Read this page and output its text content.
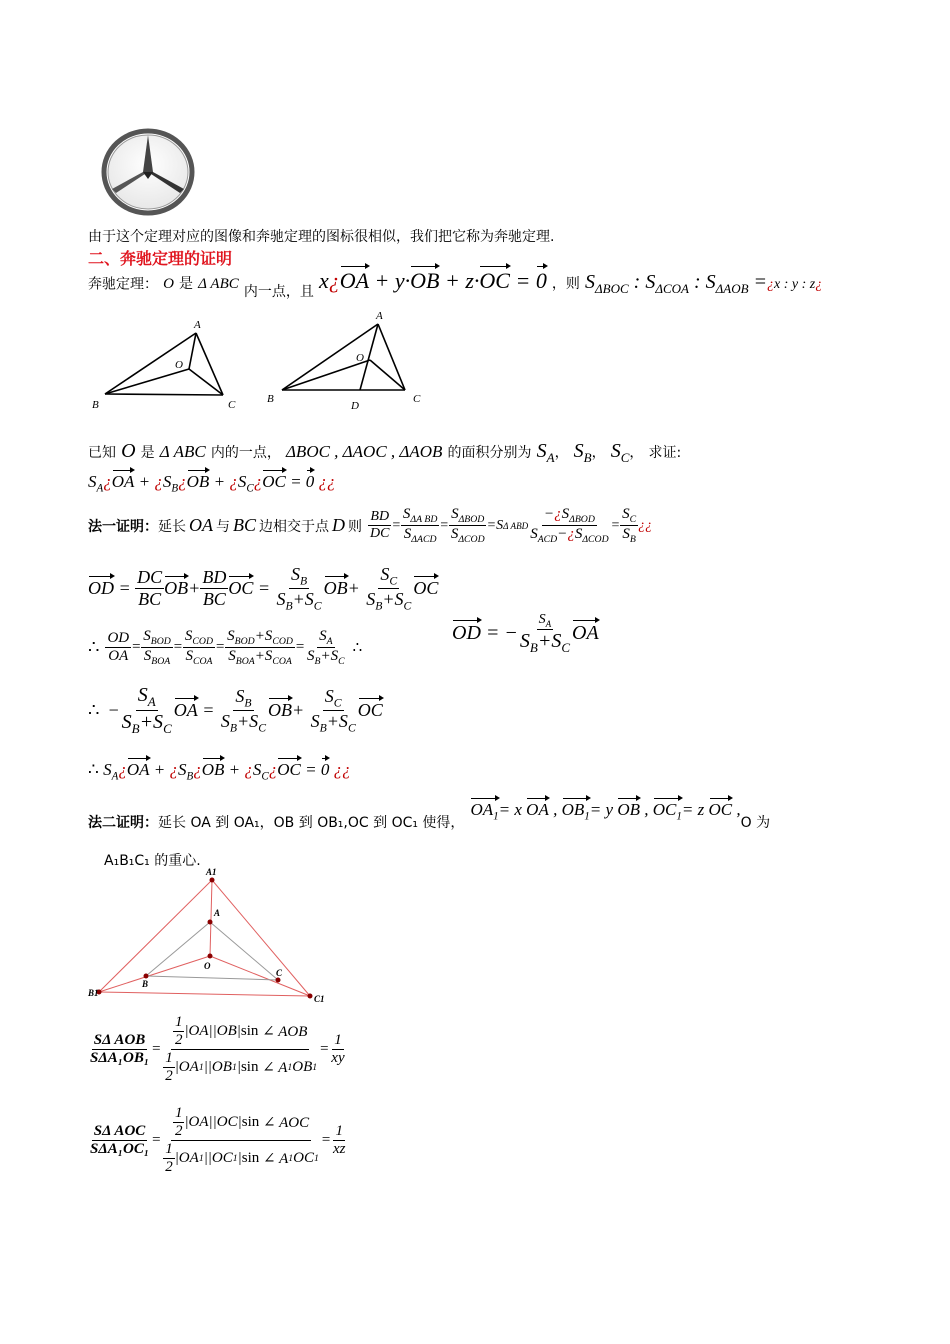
由于这个定理对应的图像和奔驰定理的图标很相似，我们把它称为奔驰定理.
二、奔驰定理的证明
奔驰定理： O 是 Δ ABC 内一点，且 x¿OA + y·OB + z·OC = 0 ，则 $S_{\Delta BOC}$ : $S_{\Delta COA}$ : $S_{\Delta AOB}$ =¿x : y : z¿
A
O
B	C
A
O
B	C
D
已知 O 是 Δ ABC 内的一点， ΔBOC , ΔAOC , ΔAOB 的面积分别为 $S_A$， $S_B$， $S_C$， 求证:
$S_A¿OA$ + ¿$S_B¿OB$ + ¿$S_C¿OC = 0$ ¿¿
法一证明： 延长 OA 与 BC 边相交于点 D 则 $\frac{BD}{DC} = \frac{S_{\Delta A BD}}{S_{\Delta ACD}} = \frac{S_{\Delta BOD}}{S_{\Delta COD}} =S$ Δ ABD $\frac{-¿S_{\Delta BOD}}{S_{ACD}-¿S_{\Delta COD}} = \frac{S_C}{S_B}$ ¿¿
OD = $\frac{DC}{BC}$ OB + $\frac{BD}{BC}$ OC = $\frac{S_B}{S_B+S_C}$ OB + $\frac{S_C}{S_B+S_C}$ OC
∴ $\frac{OD}{OA} = \frac{S_{BOD}}{S_{BOA}} = \frac{S_{COD}}{S_{COA}} = \frac{S_{BOD}+S_{COD}}{S_{BOA}+S_{COA}} = \frac{S_A}{S_B+S_C}$ ∴
OD = − $\frac{S_A}{S_B+S_C}$ OA
∴ − $\frac{S_A}{S_B+S_C}$ OA = $\frac{S_B}{S_B+S_C}$ OB + $\frac{S_C}{S_B+S_C}$ OC
∴ $S_A¿OA$ + ¿$S_B¿OB$ + ¿$S_C¿OC = 0$ ¿¿
法二证明： 延长 OA 到 OA₁，OB 到 OB₁,OC 到 OC₁ 使得，
$OA_1= x$ OA , $OB_1= y$ OB , $OC_1= z$ OC ,
O 为
A₁B₁C₁ 的重心.
A1
A
O
B
C
B1
C1
$\frac{\text{SΔ AOB}}{\text{SΔA₁OB₁}} = \frac{\frac{1}{2} |OA||OB| \sin \angle AOB}{\frac{1}{2} |OA 1 ||OB 1 | \sin \angle A 1 OB 1} = \frac{1}{xy}$
$\frac{\text{SΔ AOC}}{\text{SΔA₁OC₁}} = \frac{\frac{1}{2} |OA||OC| \sin \angle AOC}{\frac{1}{2} |OA 1 ||OC 1 | \sin \angle A 1 OC 1} = \frac{1}{xz}$
